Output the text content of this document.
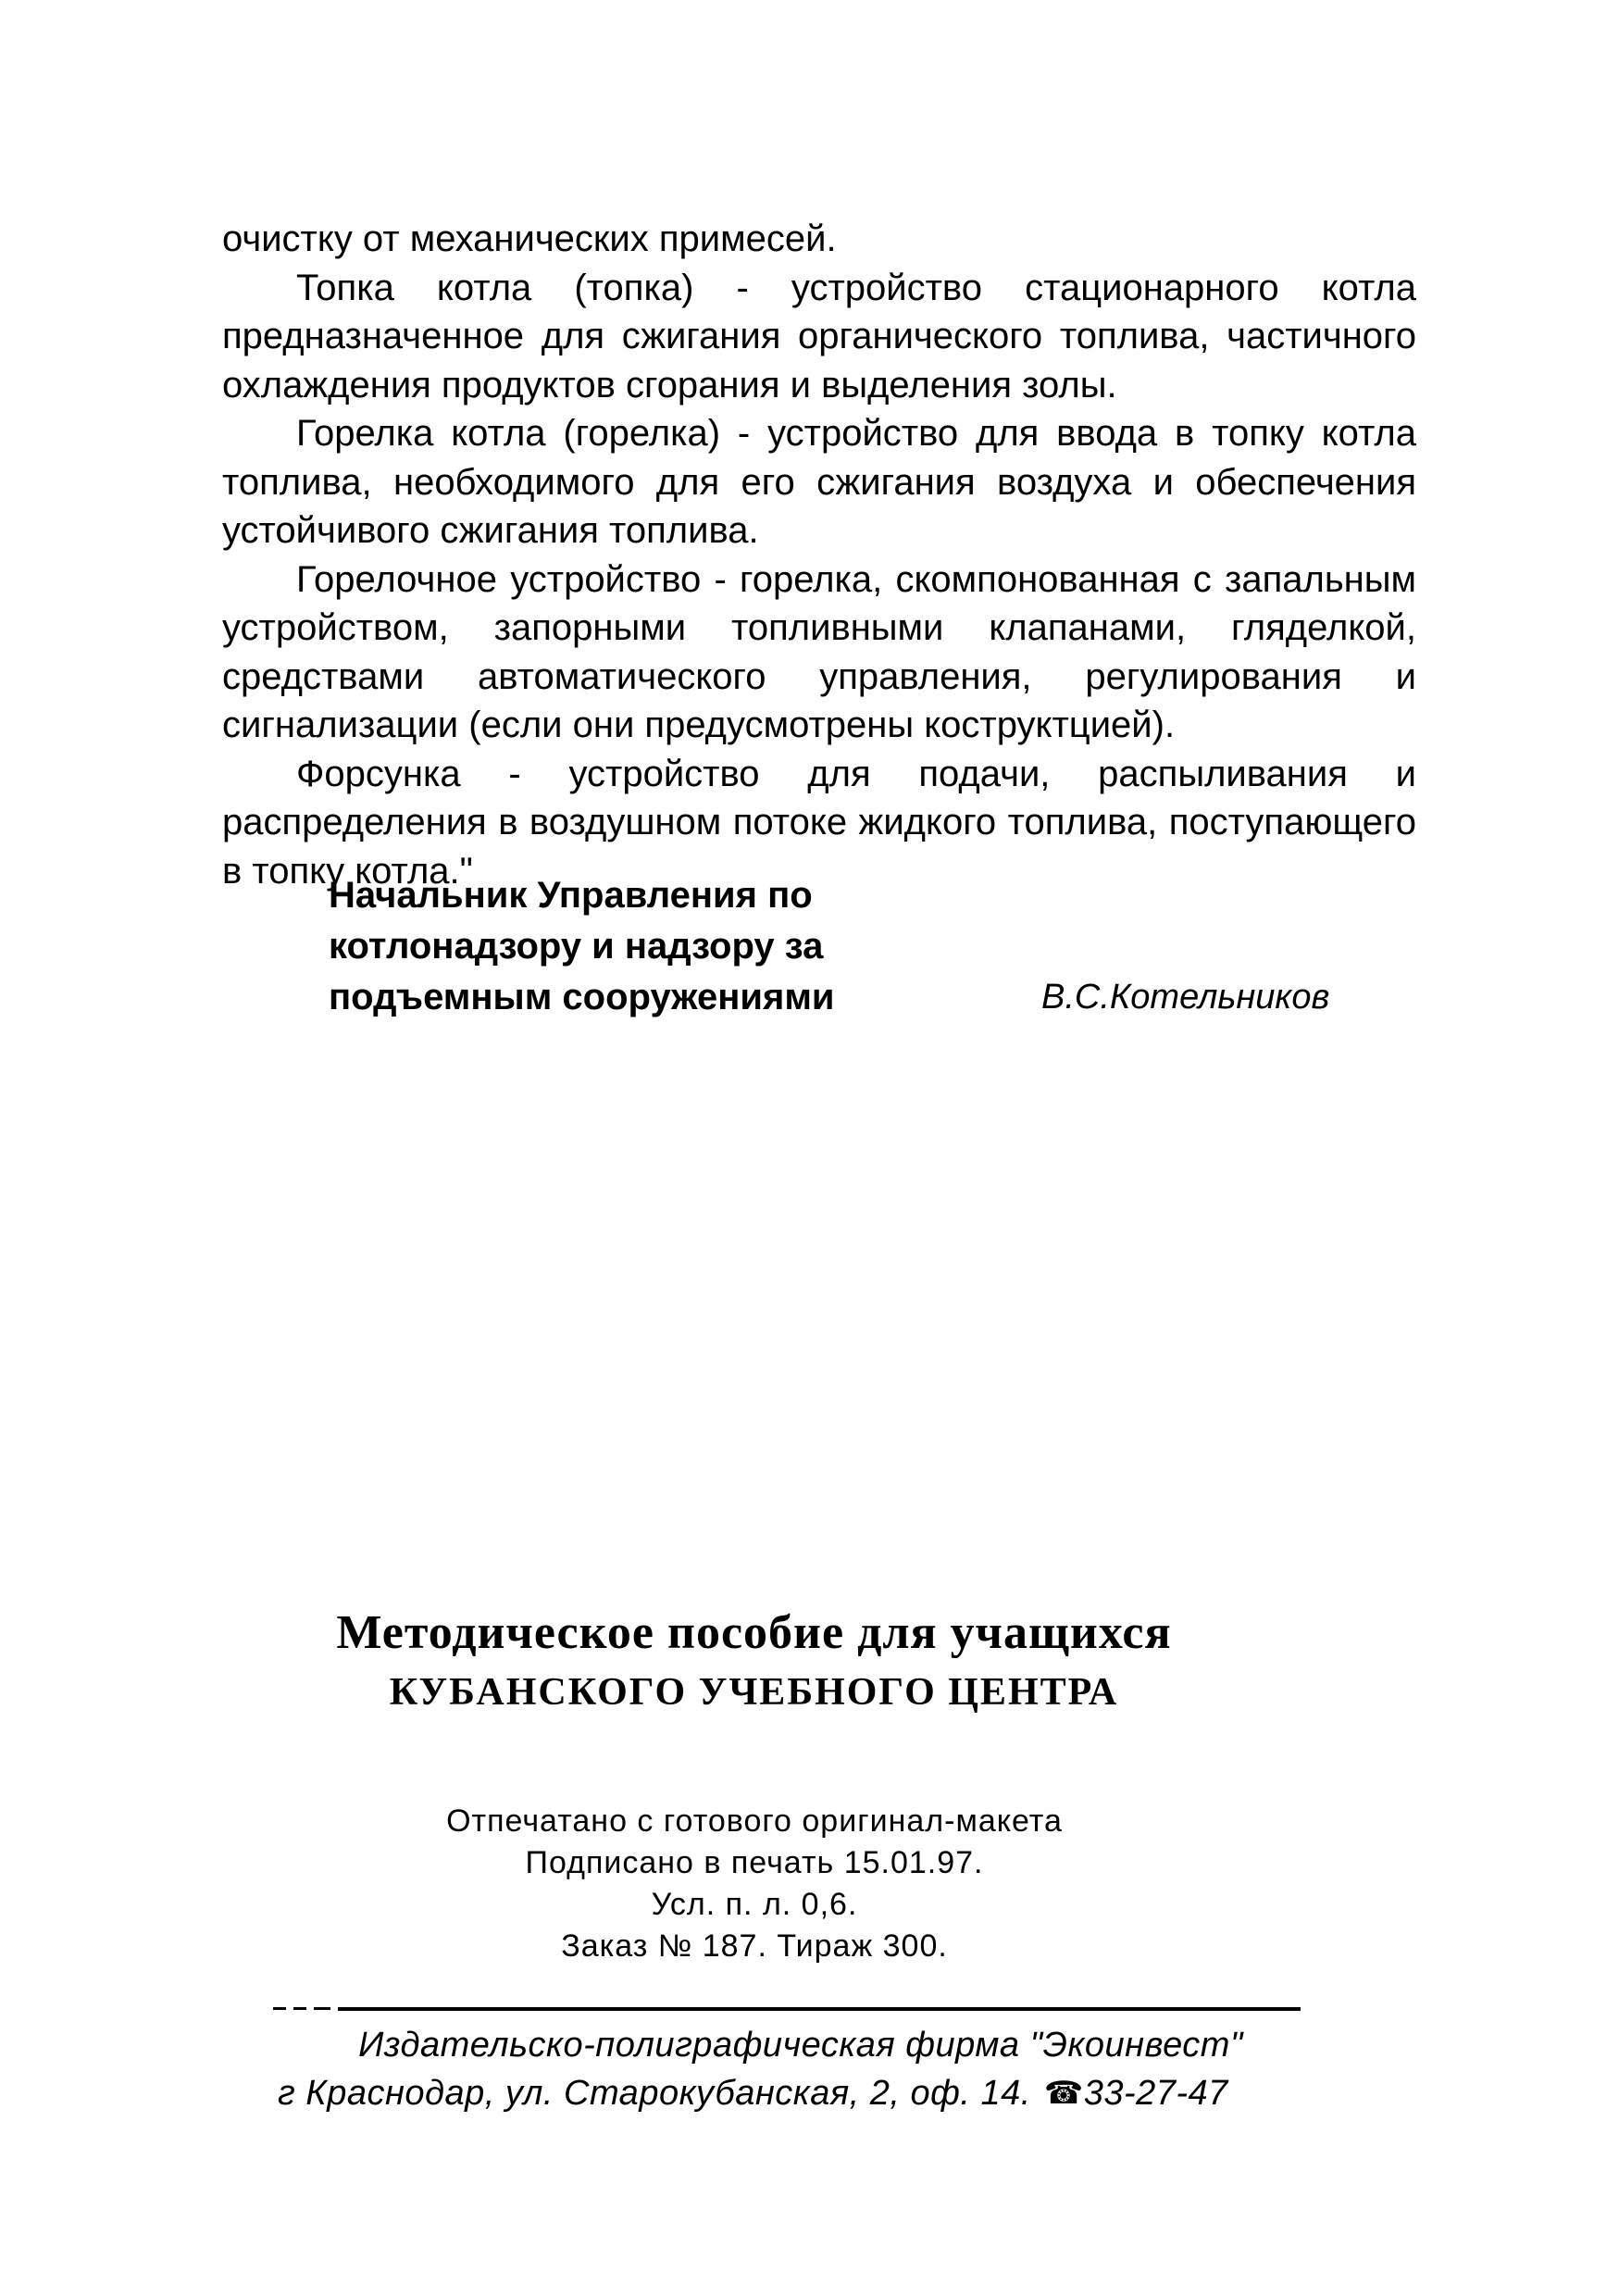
очистку от механических примесей.

Топка котла (топка) - устройство стационарного котла предназначенное для сжигания органического топлива, частичного охлаждения продуктов сгорания и выделения золы.

Горелка котла (горелка) - устройство для ввода в топку котла топлива, необходимого для его сжигания воздуха и обеспечения устойчивого сжигания топлива.

Горелочное устройство - горелка, скомпонованная с запальным устройством, запорными топливными клапанами, гляделкой, средствами автоматического управления, регулирования и сигнализации (если они предусмотрены коструктцией).

Форсунка - устройство для подачи, распыливания и распределения в воздушном потоке жидкого топлива, поступающего в топку котла."

Начальник Управления по
котлонадзору и надзору за
подъемным сооружениями	В.С.Котельников
Методическое пособие для учащихся
КУБАНСКОГО УЧЕБНОГО ЦЕНТРА
Отпечатано с готового оригинал-макета
Подписано в печать 15.01.97.
Усл. п. л. 0,6.
Заказ № 187. Тираж 300.
Издательско-полиграфическая фирма "Экоинвест"
г Краснодар, ул. Старокубанская, 2, оф. 14. ☎33-27-47
